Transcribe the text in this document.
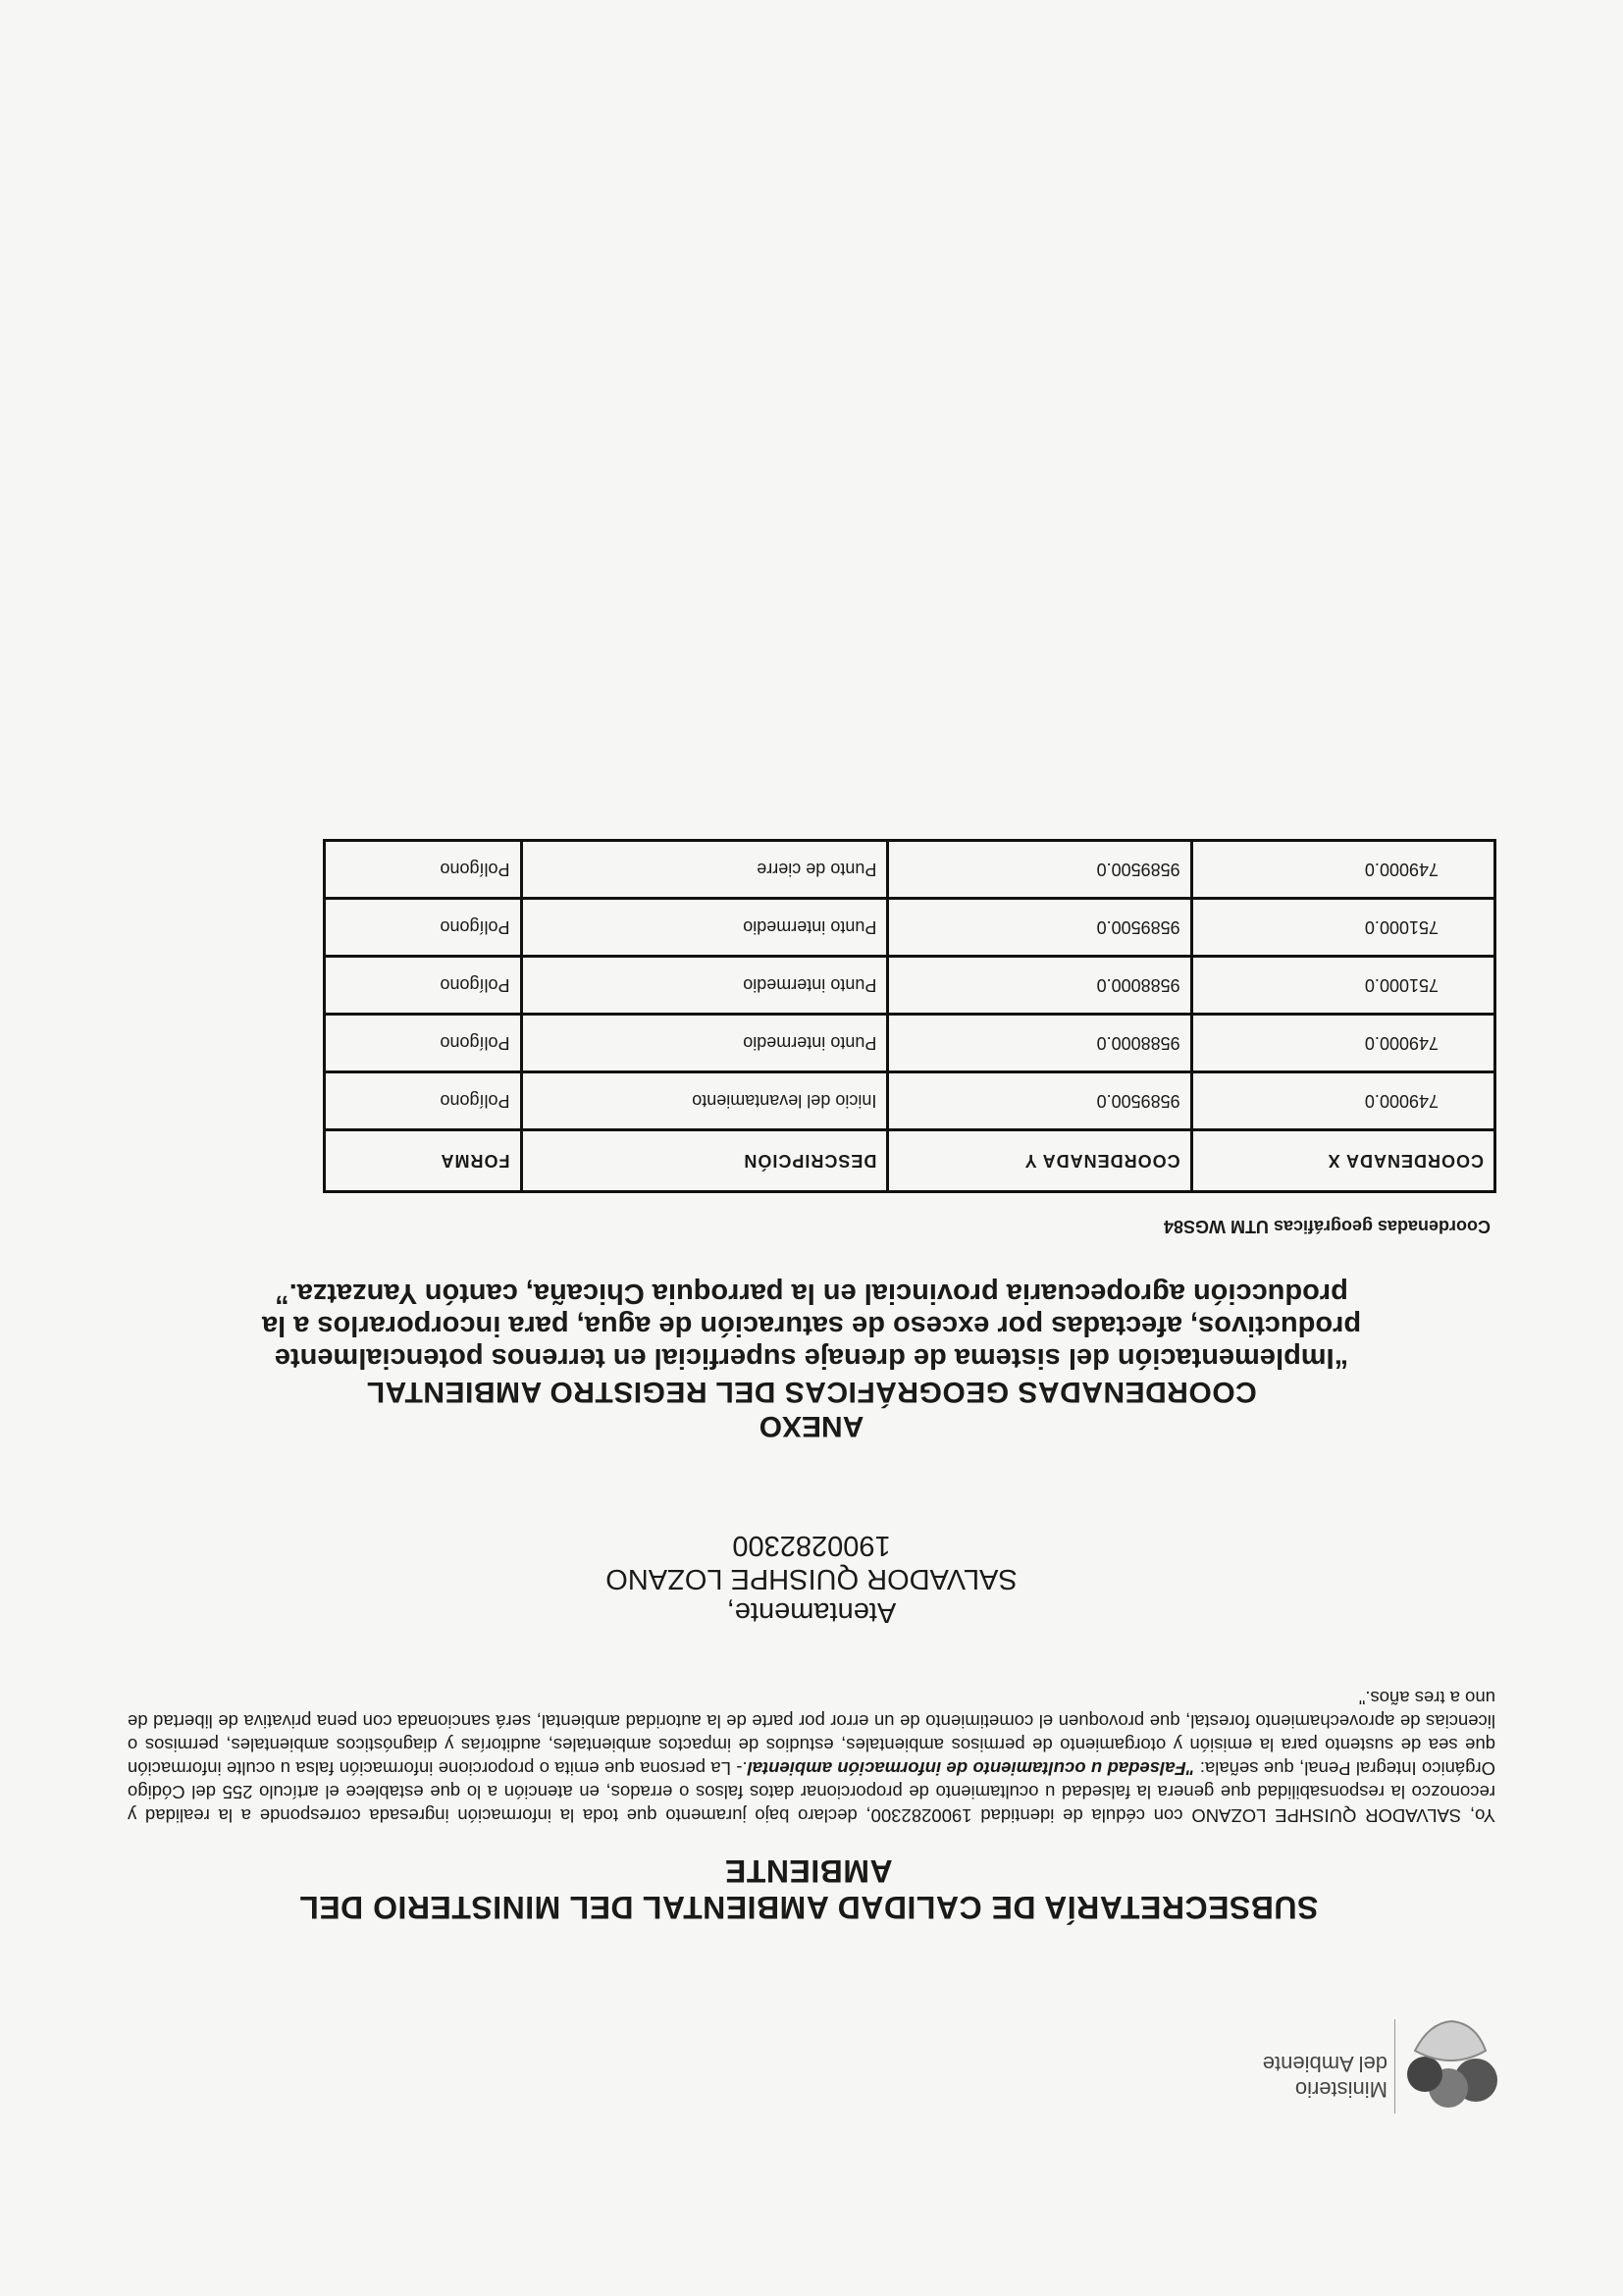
Ministerio
del Ambiente
SUBSECRETARÍA DE CALIDAD AMBIENTAL DEL MINISTERIO DEL AMBIENTE
Yo, SALVADOR QUISHPE LOZANO con cédula de identidad 1900282300, declaro bajo juramento que toda la información ingresada corresponde a la realidad y reconozco la responsabilidad que genera la falsedad u ocultamiento de proporcionar datos falsos o errados, en atención a lo que establece el artículo 255 del Código Orgánico Integral Penal, que señala: "Falsedad u ocultamiento de información ambiental.- La persona que emita o proporcione información falsa u oculte información que sea de sustento para la emisión y otorgamiento de permisos ambientales, estudios de impactos ambientales, auditorías y diagnósticos ambientales, permisos o licencias de aprovechamiento forestal, que provoquen el cometimiento de un error por parte de la autoridad ambiental, será sancionada con pena privativa de libertad de uno a tres años."
Atentamente,
SALVADOR QUISHPE LOZANO
1900282300
ANEXO
COORDENADAS GEOGRÁFICAS DEL REGISTRO AMBIENTAL
“Implementación del sistema de drenaje superficial en terrenos potencialmente productivos, afectadas por exceso de saturación de agua, para incorporarlos a la producción agropecuaria provincial en la parroquia Chicaña, cantón Yanzatza.”
Coordenadas geográficas UTM WGS84
COORDENADA X	COORDENADA Y	DESCRIPCIÓN	FORMA
749000.0	9589500.0	Inicio del levantamiento	Polígono
749000.0	9588000.0	Punto intermedio	Polígono
751000.0	9588000.0	Punto intermedio	Polígono
751000.0	9589500.0	Punto intermedio	Polígono
749000.0	9589500.0	Punto de cierre	Polígono
